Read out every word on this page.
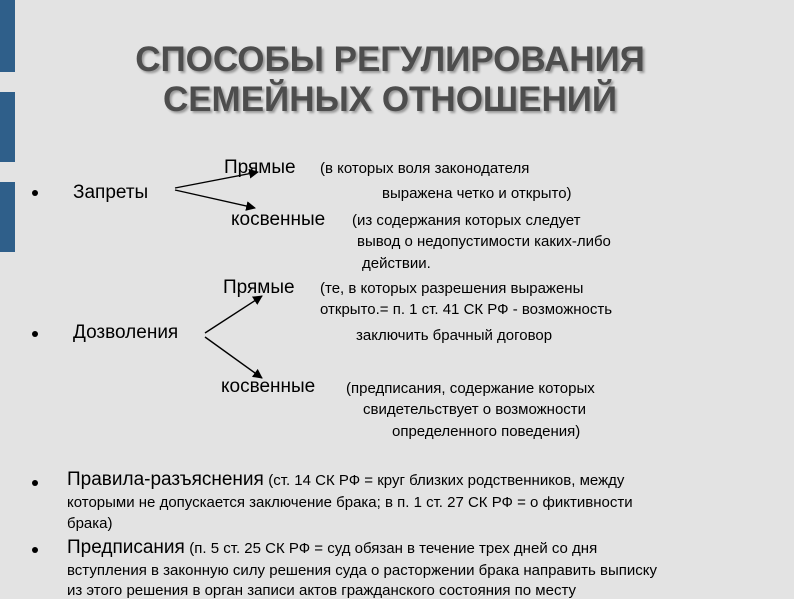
СПОСОБЫ РЕГУЛИРОВАНИЯ
СЕМЕЙНЫХ ОТНОШЕНИЙ
Запреты
Прямые (в которых воля законодателя
выражена четко и открыто)
косвенные (из содержания которых следует
вывод о недопустимости каких-либо
действии.
Прямые (те, в которых разрешения выражены
открыто.= п. 1 ст. 41 СК РФ - возможность
Дозволения	заключить брачный договор
косвенные (предписания, содержание которых
свидетельствует о возможности
определенного поведения)
Правила-разъяснения (ст. 14 СК РФ = круг близких родственников, между
которыми не допускается заключение брака; в п. 1 ст. 27 СК РФ = о фиктивности
брака)
Предписания (п. 5 ст. 25 СК РФ = суд обязан в течение трех дней со дня
вступления в законную силу решения суда о расторжении брака направить выписку
из этого решения в орган записи актов гражданского состояния по месту
